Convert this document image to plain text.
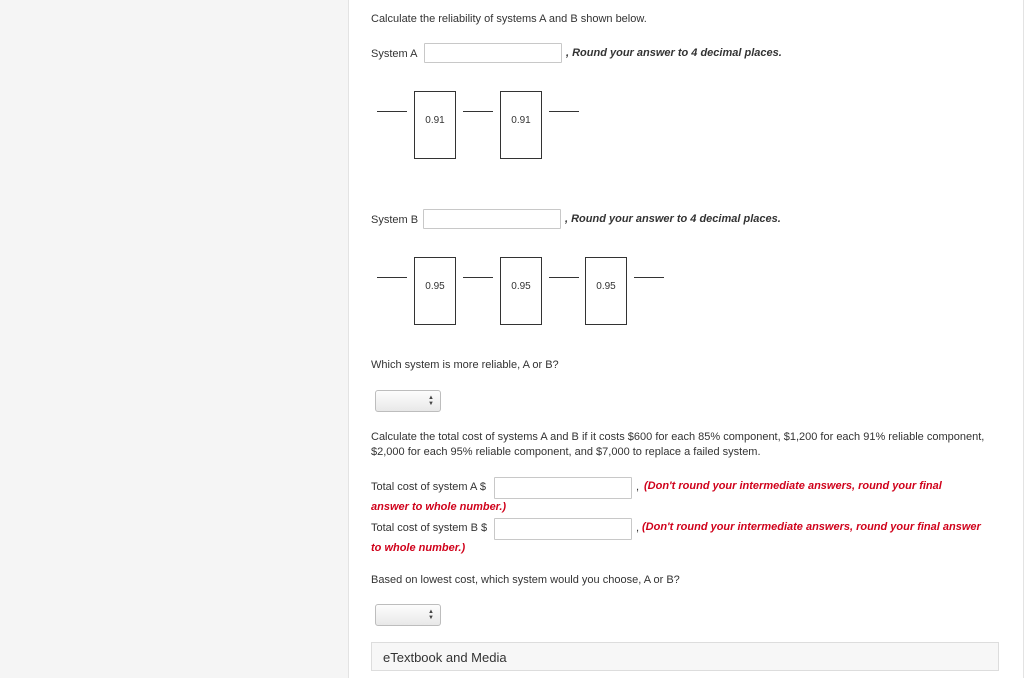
Calculate the reliability of systems A and B shown below.
System A	, Round your answer to 4 decimal places.
0.91	0.91
System B	, Round your answer to 4 decimal places.
0.95	0.95	0.95
Which system is more reliable, A or B?
▲
▼
Calculate the total cost of systems A and B if it costs $600 for each 85% component, $1,200 for each 91% reliable component, $2,000 for each 95% reliable component, and $7,000 to replace a failed system.
Total cost of system A $	, (Don't round your intermediate answers, round your final
answer to whole number.)
Total cost of system B $	, (Don't round your intermediate answers, round your final answer
to whole number.)
Based on lowest cost, which system would you choose, A or B?
▲
▼
eTextbook and Media
